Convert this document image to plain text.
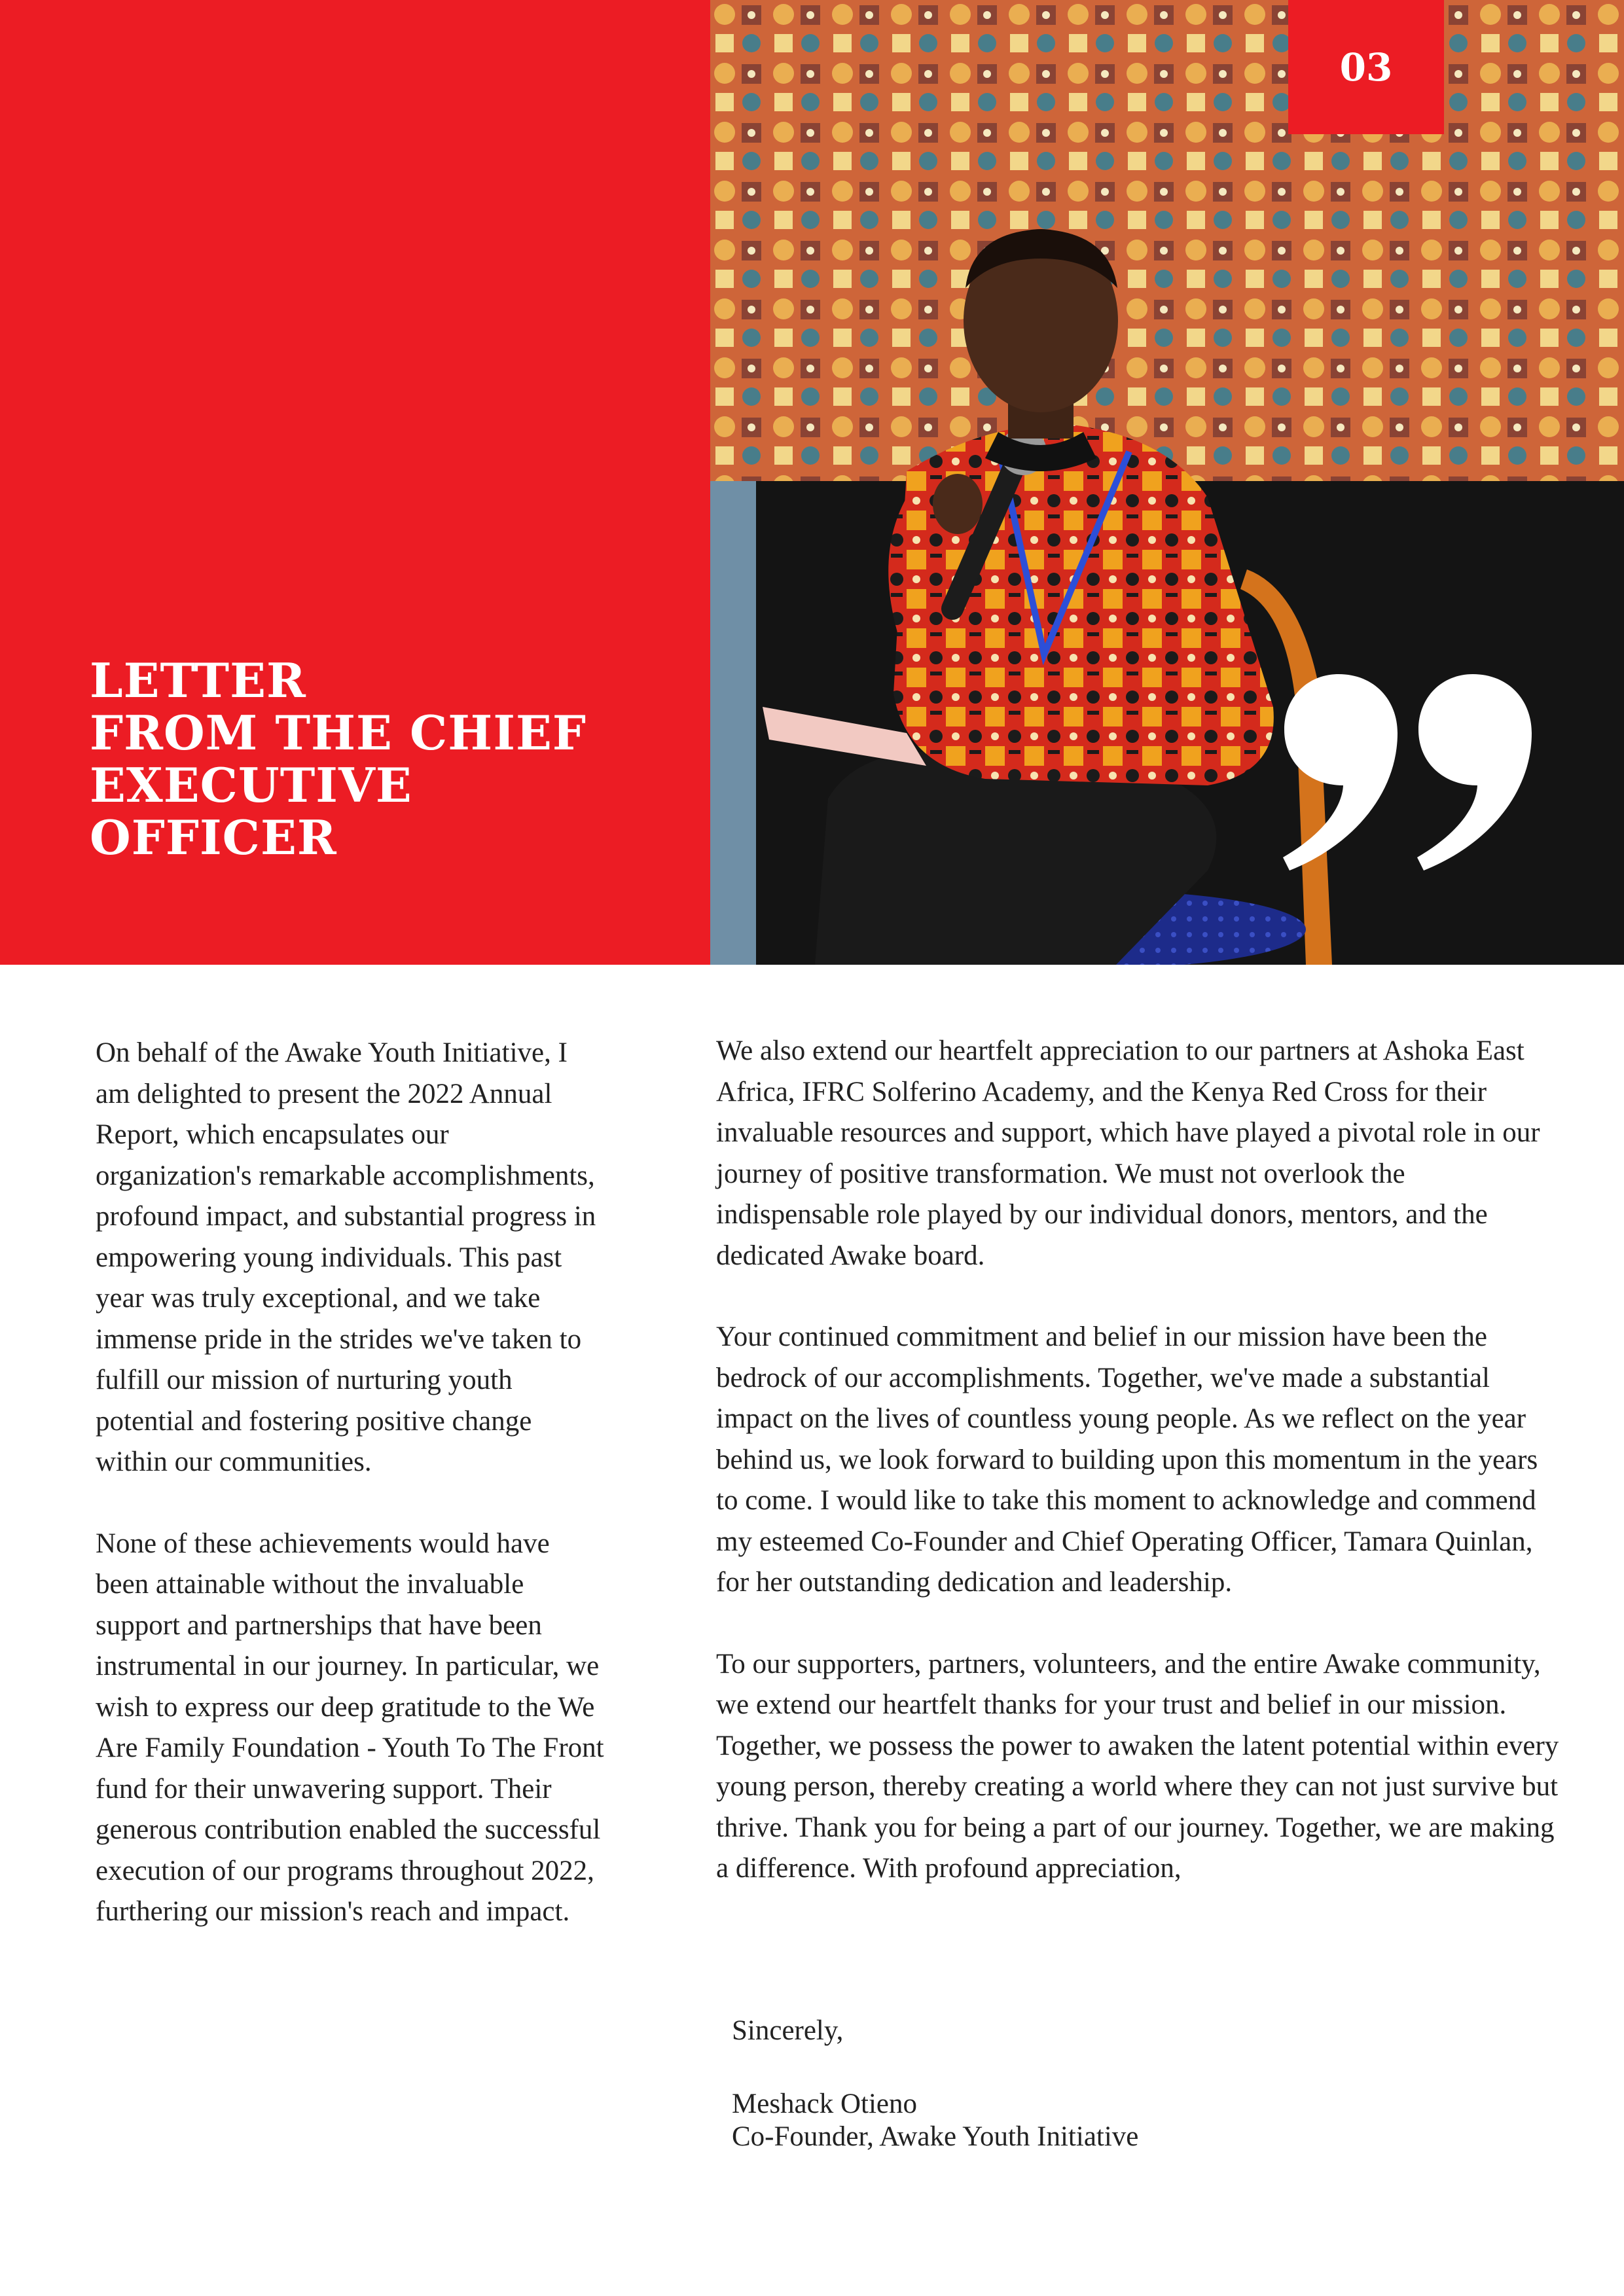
LETTER
FROM THE CHIEF
EXECUTIVE
OFFICER
03

On behalf of the Awake Youth Initiative, I am delighted to present the 2022 Annual Report, which encapsulates our organization's remarkable accomplishments, profound impact, and substantial progress in empowering young individuals. This past year was truly exceptional, and we take immense pride in the strides we've taken to fulfill our mission of nurturing youth potential and fostering positive change within our communities.

None of these achievements would have been attainable without the invaluable support and partnerships that have been instrumental in our journey. In particular, we wish to express our deep gratitude to the We Are Family Foundation - Youth To The Front fund for their unwavering support. Their generous contribution enabled the successful execution of our programs throughout 2022, furthering our mission's reach and impact.

We also extend our heartfelt appreciation to our partners at Ashoka East Africa, IFRC Solferino Academy, and the Kenya Red Cross for their invaluable resources and support, which have played a pivotal role in our journey of positive transformation. We must not overlook the indispensable role played by our individual donors, mentors, and the dedicated Awake board.

Your continued commitment and belief in our mission have been the bedrock of our accomplishments. Together, we've made a substantial impact on the lives of countless young people. As we reflect on the year behind us, we look forward to building upon this momentum in the years to come. I would like to take this moment to acknowledge and commend my esteemed Co-Founder and Chief Operating Officer, Tamara Quinlan, for her outstanding dedication and leadership.

To our supporters, partners, volunteers, and the entire Awake community, we extend our heartfelt thanks for your trust and belief in our mission. Together, we possess the power to awaken the latent potential within every young person, thereby creating a world where they can not just survive but thrive. Thank you for being a part of our journey. Together, we are making a difference. With profound appreciation,

Sincerely,
Meshack Otieno
Co-Founder, Awake Youth Initiative
